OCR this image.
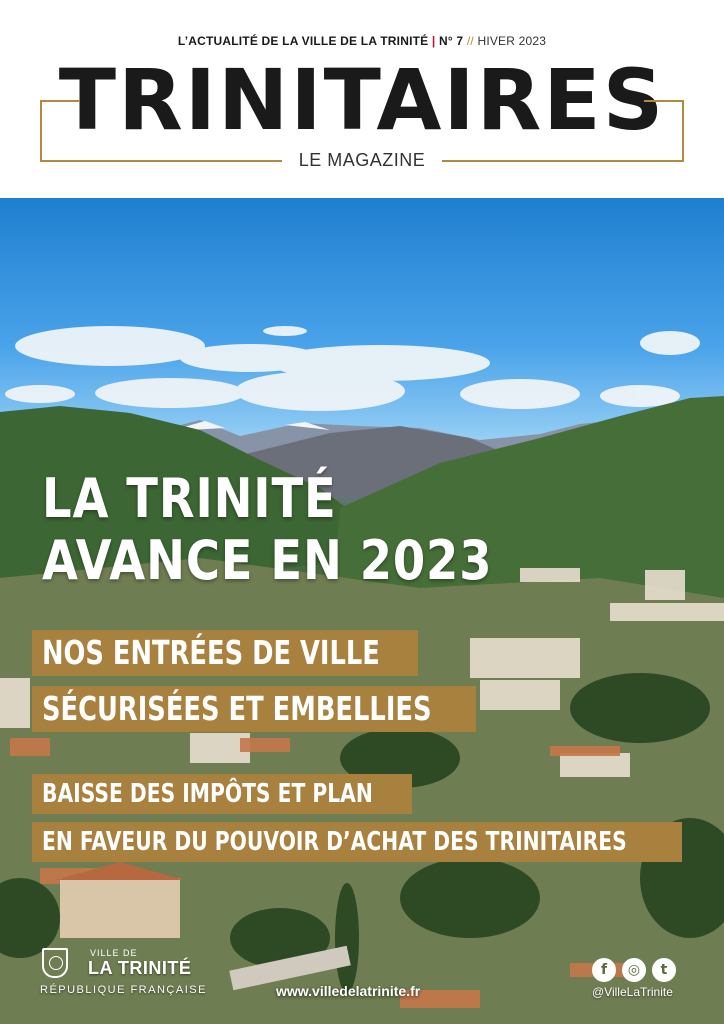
L’ACTUALITÉ DE LA VILLE DE LA TRINITÉ | N° 7 // HIVER 2023
TRINITAIRES
LE MAGAZINE
LA TRINITÉ
AVANCE EN 2023
NOS ENTRÉES DE VILLE
SÉCURISÉES ET EMBELLIES
BAISSE DES IMPÔTS ET PLAN
EN FAVEUR DU POUVOIR D’ACHAT DES TRINITAIRES
VILLE DE
LA TRINITÉ
RÉPUBLIQUE FRANÇAISE	www.villedelatrinite.fr
f	◎	t
@VilleLaTrinite
